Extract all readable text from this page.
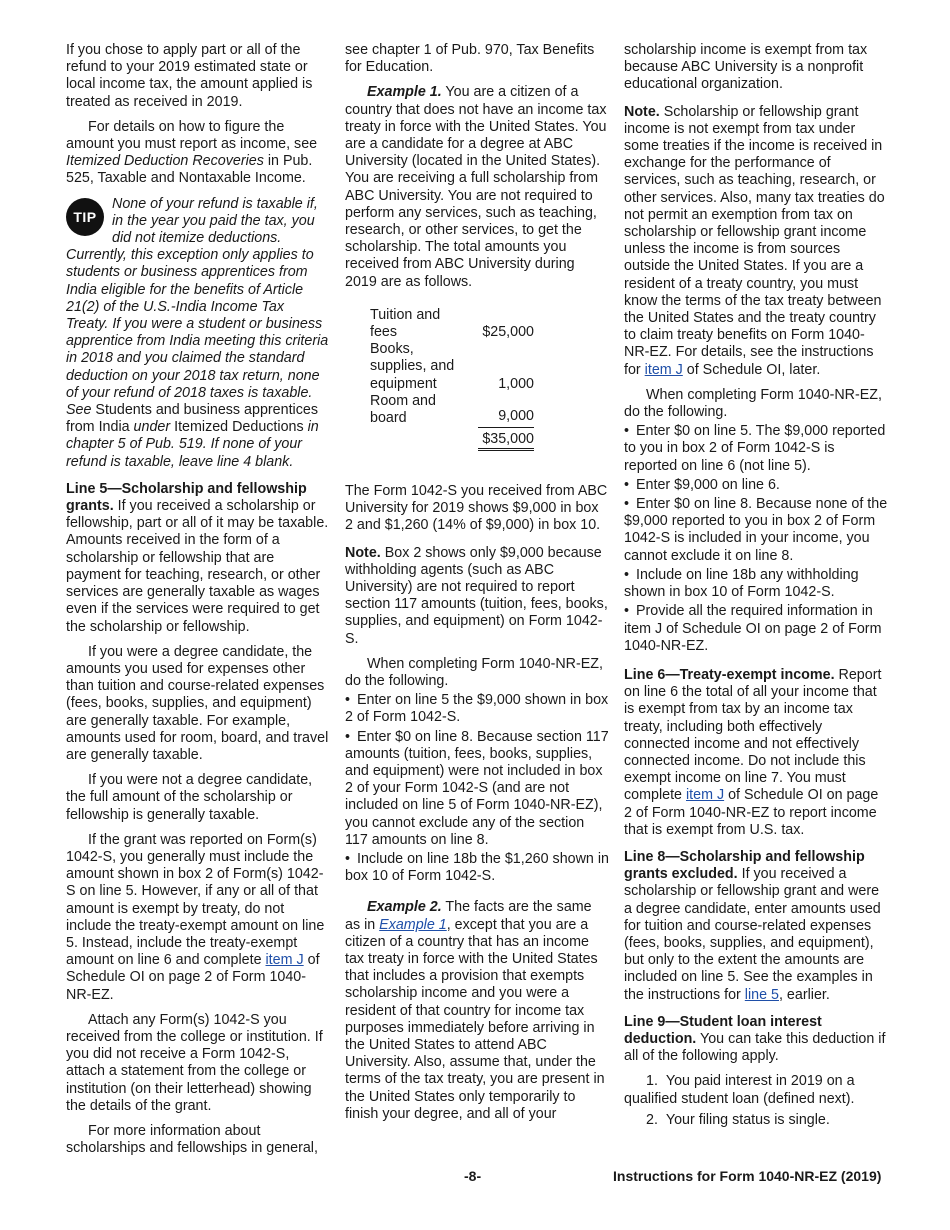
If you chose to apply part or all of the refund to your 2019 estimated state or local income tax, the amount applied is treated as received in 2019.

For details on how to figure the amount you must report as income, see Itemized Deduction Recoveries in Pub. 525, Taxable and Nontaxable Income.

TIP
None of your refund is taxable if, in the year you paid the tax, you did not itemize deductions. Currently, this exception only applies to students or business apprentices from India eligible for the benefits of Article 21(2) of the U.S.-India Income Tax Treaty. If you were a student or business apprentice from India meeting this criteria in 2018 and you claimed the standard deduction on your 2018 tax return, none of your refund of 2018 taxes is taxable. See Students and business apprentices from India under Itemized Deductions in chapter 5 of Pub. 519. If none of your refund is taxable, leave line 4 blank.

Line 5—Scholarship and fellowship grants. If you received a scholarship or fellowship, part or all of it may be taxable. Amounts received in the form of a scholarship or fellowship that are payment for teaching, research, or other services are generally taxable as wages even if the services were required to get the scholarship or fellowship.

If you were a degree candidate, the amounts you used for expenses other than tuition and course-related expenses (fees, books, supplies, and equipment) are generally taxable. For example, amounts used for room, board, and travel are generally taxable.

If you were not a degree candidate, the full amount of the scholarship or fellowship is generally taxable.

If the grant was reported on Form(s) 1042-S, you generally must include the amount shown in box 2 of Form(s) 1042-S on line 5. However, if any or all of that amount is exempt by treaty, do not include the treaty-exempt amount on line 5. Instead, include the treaty-exempt amount on line 6 and complete item J of Schedule OI on page 2 of Form 1040-NR-EZ.

Attach any Form(s) 1042-S you received from the college or institution. If you did not receive a Form 1042-S, attach a statement from the college or institution (on their letterhead) showing the details of the grant.

For more information about scholarships and fellowships in general,

see chapter 1 of Pub. 970, Tax Benefits for Education.

Example 1. You are a citizen of a country that does not have an income tax treaty in force with the United States. You are a candidate for a degree at ABC University (located in the United States). You are receiving a full scholarship from ABC University. You are not required to perform any services, such as teaching, research, or other services, to get the scholarship. The total amounts you received from ABC University during 2019 are as follows.

Tuition and
fees	$25,000
Books,
supplies, and
equipment	1,000
Room and
board	9,000
	$35,000

The Form 1042-S you received from ABC University for 2019 shows $9,000 in box 2 and $1,260 (14% of $9,000) in box 10.

Note. Box 2 shows only $9,000 because withholding agents (such as ABC University) are not required to report section 117 amounts (tuition, fees, books, supplies, and equipment) on Form 1042-S.

When completing Form 1040-NR-EZ, do the following.

• Enter on line 5 the $9,000 shown in box 2 of Form 1042-S.

• Enter $0 on line 8. Because section 117 amounts (tuition, fees, books, supplies, and equipment) were not included in box 2 of your Form 1042-S (and are not included on line 5 of Form 1040-NR-EZ), you cannot exclude any of the section 117 amounts on line 8.

• Include on line 18b the $1,260 shown in box 10 of Form 1042-S.

Example 2. The facts are the same as in Example 1, except that you are a citizen of a country that has an income tax treaty in force with the United States that includes a provision that exempts scholarship income and you were a resident of that country for income tax purposes immediately before arriving in the United States to attend ABC University. Also, assume that, under the terms of the tax treaty, you are present in the United States only temporarily to finish your degree, and all of your

scholarship income is exempt from tax because ABC University is a nonprofit educational organization.

Note. Scholarship or fellowship grant income is not exempt from tax under some treaties if the income is received in exchange for the performance of services, such as teaching, research, or other services. Also, many tax treaties do not permit an exemption from tax on scholarship or fellowship grant income unless the income is from sources outside the United States. If you are a resident of a treaty country, you must know the terms of the tax treaty between the United States and the treaty country to claim treaty benefits on Form 1040-NR-EZ. For details, see the instructions for item J of Schedule OI, later.

When completing Form 1040-NR-EZ, do the following.

• Enter $0 on line 5. The $9,000 reported to you in box 2 of Form 1042-S is reported on line 6 (not line 5).

• Enter $9,000 on line 6.

• Enter $0 on line 8. Because none of the $9,000 reported to you in box 2 of Form 1042-S is included in your income, you cannot exclude it on line 8.

• Include on line 18b any withholding shown in box 10 of Form 1042-S.

• Provide all the required information in item J of Schedule OI on page 2 of Form 1040-NR-EZ.

Line 6—Treaty-exempt income. Report on line 6 the total of all your income that is exempt from tax by an income tax treaty, including both effectively connected income and not effectively connected income. Do not include this exempt income on line 7. You must complete item J of Schedule OI on page 2 of Form 1040-NR-EZ to report income that is exempt from U.S. tax.

Line 8—Scholarship and fellowship grants excluded. If you received a scholarship or fellowship grant and were a degree candidate, enter amounts used for tuition and course-related expenses (fees, books, supplies, and equipment), but only to the extent the amounts are included on line 5. See the examples in the instructions for line 5, earlier.

Line 9—Student loan interest deduction. You can take this deduction if all of the following apply.

1.  You paid interest in 2019 on a qualified student loan (defined next).

2.  Your filing status is single.

-8-	Instructions for Form 1040-NR-EZ (2019)
